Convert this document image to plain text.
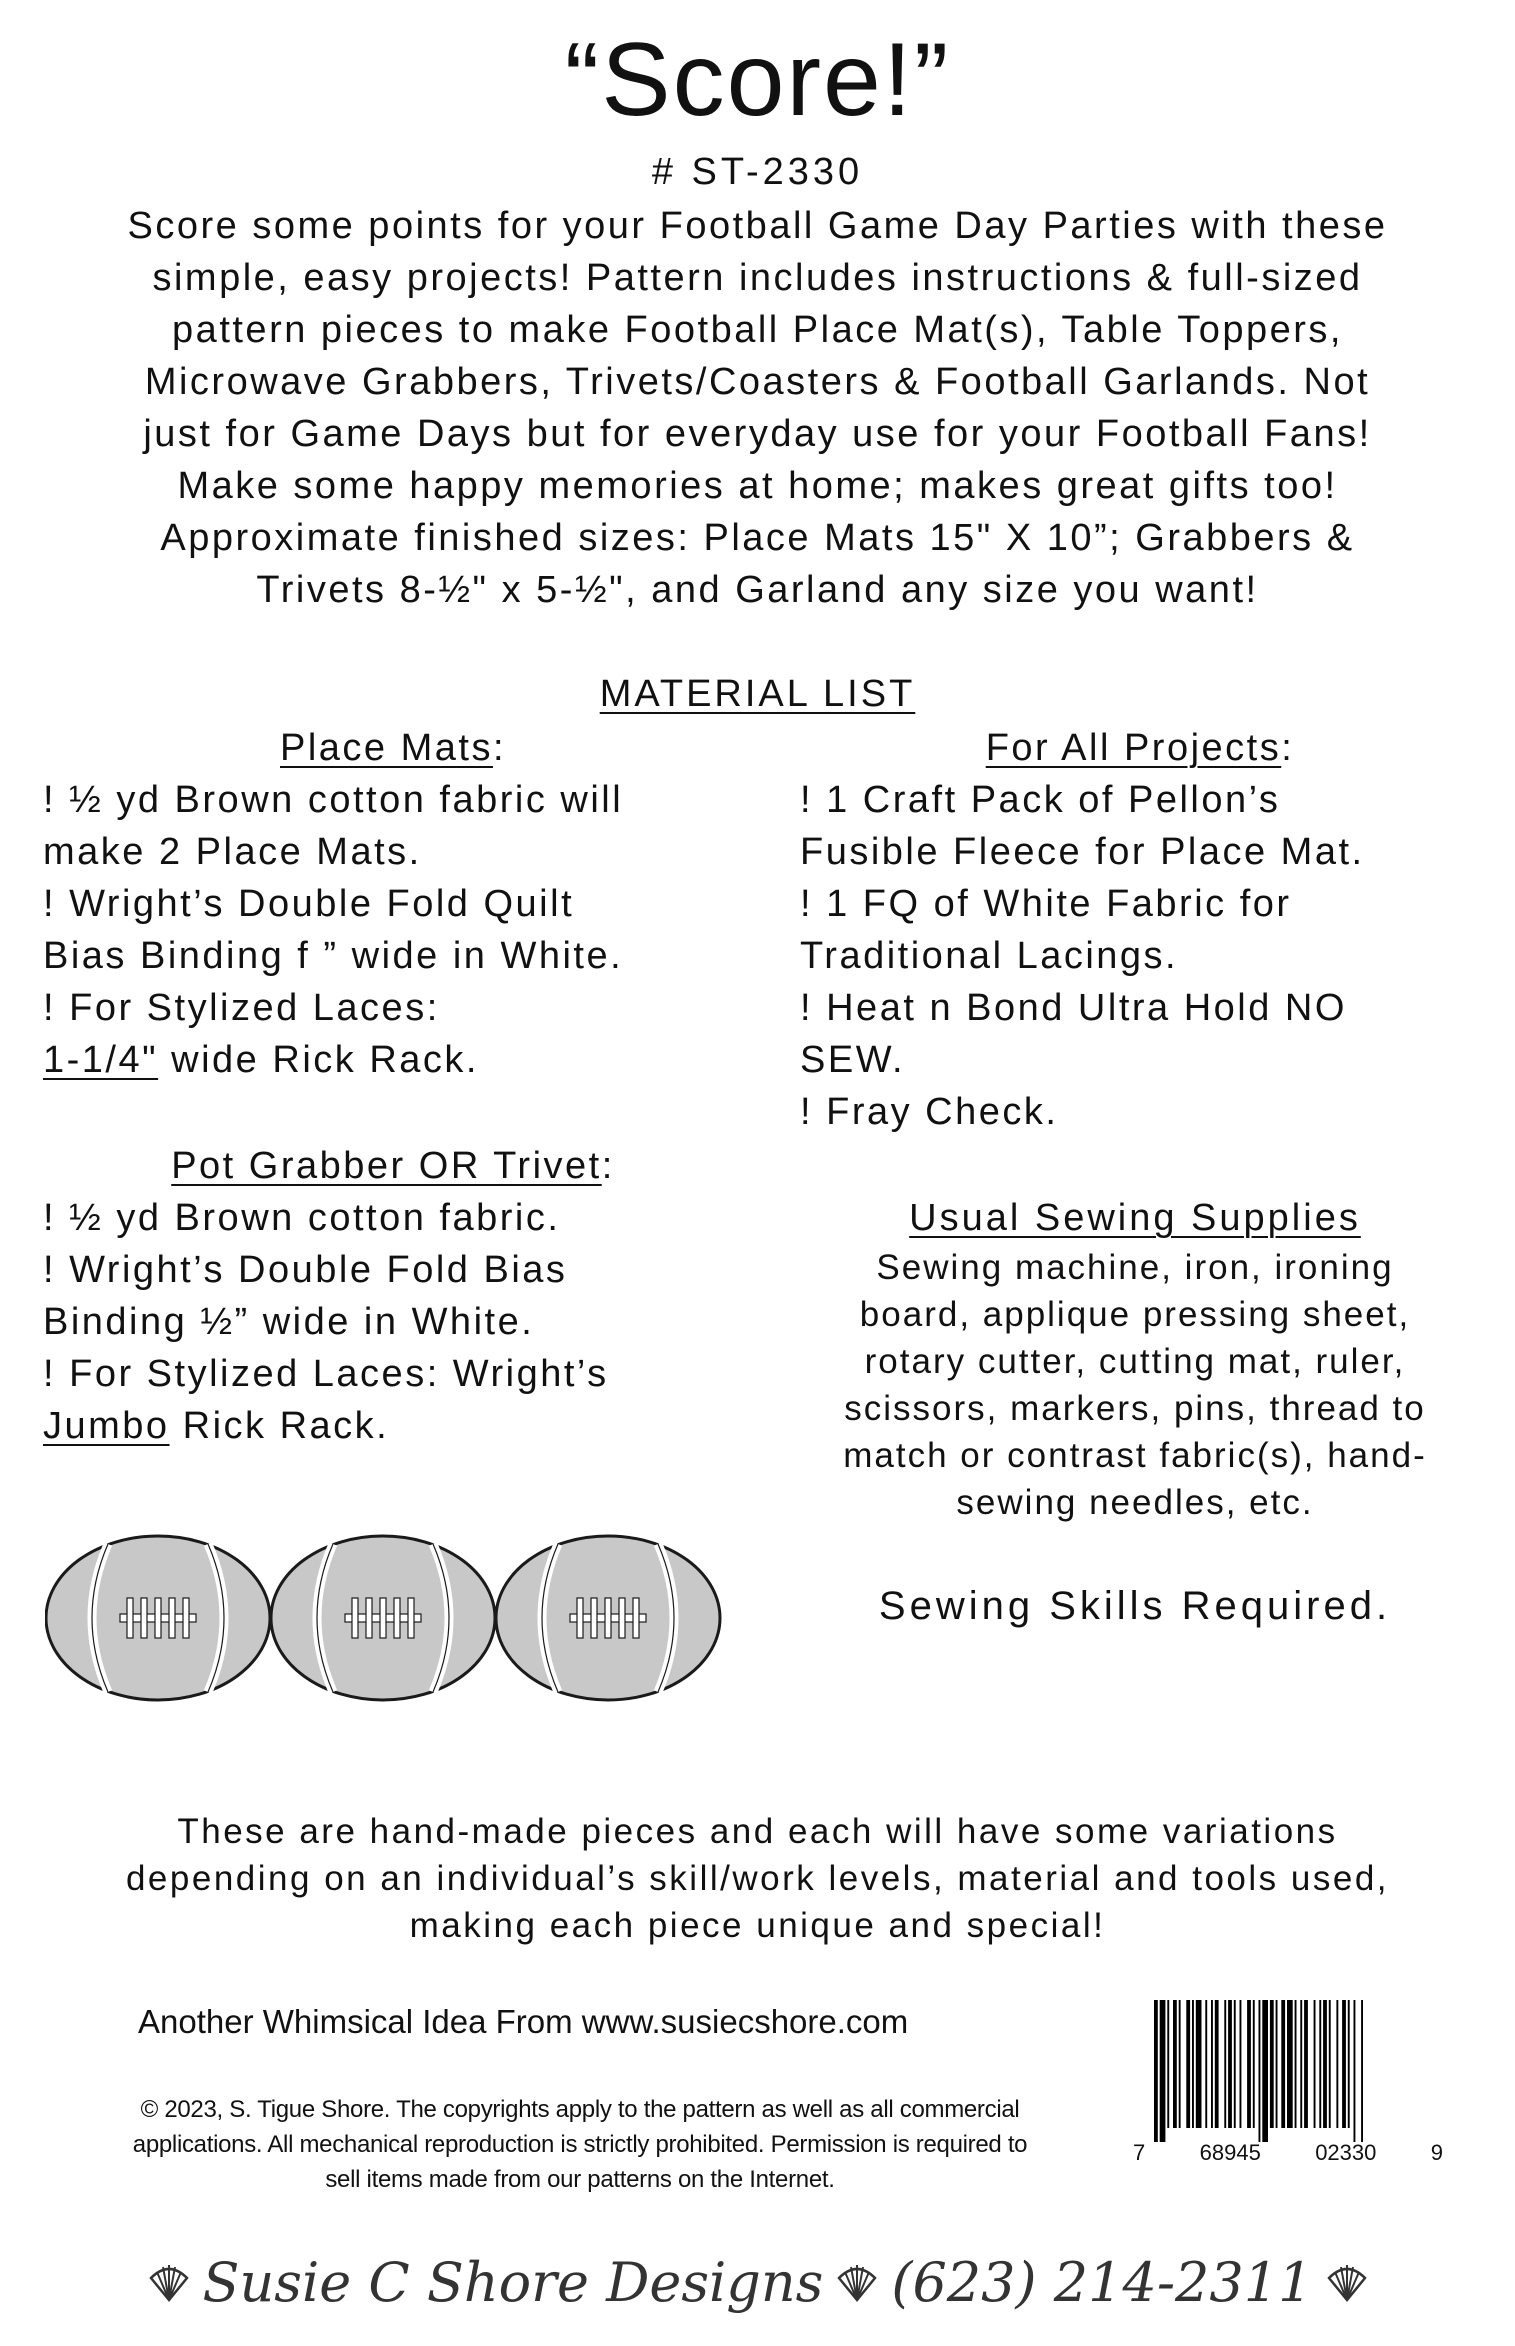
“Score!”
# ST-2330
Score some points for your Football Game Day Parties with these
simple, easy projects! Pattern includes instructions & full-sized
pattern pieces to make Football Place Mat(s), Table Toppers,
Microwave Grabbers, Trivets/Coasters & Football Garlands. Not
just for Game Days but for everyday use for your Football Fans!
Make some happy memories at home; makes great gifts too!
Approximate finished sizes: Place Mats 15" X 10”; Grabbers &
Trivets 8-½" x 5-½", and Garland any size you want!
MATERIAL LIST
Place Mats:
! ½ yd Brown cotton fabric will
make 2 Place Mats.
! Wright’s Double Fold Quilt
Bias Binding f ” wide in White.
! For Stylized Laces:
1-1/4" wide Rick Rack.
Pot Grabber OR Trivet:
! ½ yd Brown cotton fabric.
! Wright’s Double Fold Bias
Binding ½” wide in White.
! For Stylized Laces: Wright’s
Jumbo Rick Rack.
For All Projects:
! 1 Craft Pack of Pellon’s
Fusible Fleece for Place Mat.
! 1 FQ of White Fabric for
Traditional Lacings.
! Heat n Bond Ultra Hold NO
SEW.
! Fray Check.
Usual Sewing Supplies
Sewing machine, iron, ironing
board, applique pressing sheet,
rotary cutter, cutting mat, ruler,
scissors, markers, pins, thread to
match or contrast fabric(s), hand-
sewing needles, etc.
Sewing Skills Required.
These are hand-made pieces and each will have some variations
depending on an individual’s skill/work levels, material and tools used,
making each piece unique and special!
Another Whimsical Idea From www.susiecshore.com
© 2023, S. Tigue Shore. The copyrights apply to the pattern as well as all commercial
applications. All mechanical reproduction is strictly prohibited. Permission is required to
sell items made from our patterns on the Internet.
7 68945 02330 9
Susie C Shore Designs (623) 214-2311
